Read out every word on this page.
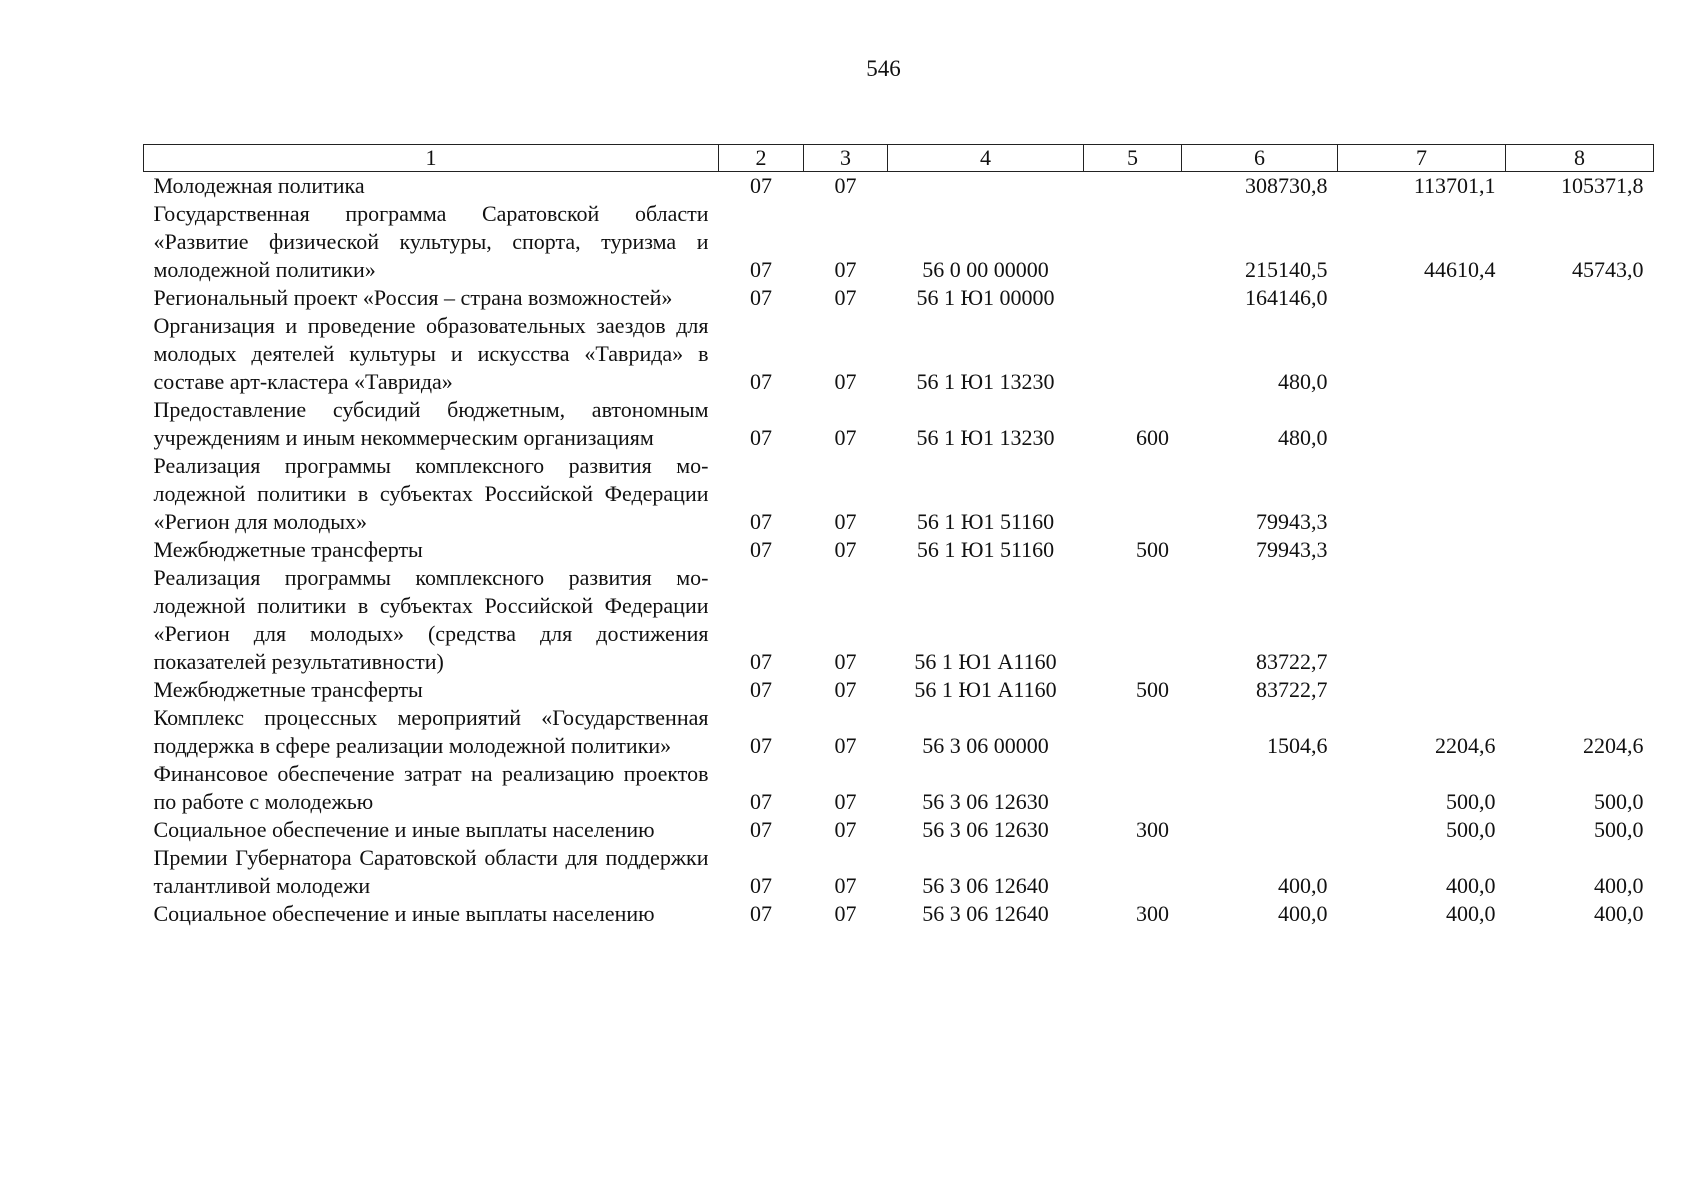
546
1	2	3	4	5	6	7	8
Молодежная политика	07	07			308730,8	113701,1	105371,8
Государственная программа Саратовской области «Развитие физической культуры, спорта, туризма и молодежной политики»	07	07	56 0 00 00000		215140,5	44610,4	45743,0
Региональный проект «Россия – страна возможностей»	07	07	56 1 Ю1 00000		164146,0		
Организация и проведение образовательных заездов для молодых деятелей культуры и искусства «Таврида» в составе арт-кластера «Таврида»	07	07	56 1 Ю1 13230		480,0		
Предоставление субсидий бюджетным, автономным учреждениям и иным некоммерческим организациям	07	07	56 1 Ю1 13230	600	480,0		
Реализация программы комплексного развития молодежной политики в субъектах Российской Федерации «Регион для молодых»	07	07	56 1 Ю1 51160		79943,3		
Межбюджетные трансферты	07	07	56 1 Ю1 51160	500	79943,3		
Реализация программы комплексного развития молодежной политики в субъектах Российской Федерации «Регион для молодых» (средства для достижения показателей результативности)	07	07	56 1 Ю1 А1160		83722,7		
Межбюджетные трансферты	07	07	56 1 Ю1 А1160	500	83722,7		
Комплекс процессных мероприятий «Государственная поддержка в сфере реализации молодежной политики»	07	07	56 3 06 00000		1504,6	2204,6	2204,6
Финансовое обеспечение затрат на реализацию проектов по работе с молодежью	07	07	56 3 06 12630			500,0	500,0
Социальное обеспечение и иные выплаты населению	07	07	56 3 06 12630	300		500,0	500,0
Премии Губернатора Саратовской области для поддержки талантливой молодежи	07	07	56 3 06 12640		400,0	400,0	400,0
Социальное обеспечение и иные выплаты населению	07	07	56 3 06 12640	300	400,0	400,0	400,0
